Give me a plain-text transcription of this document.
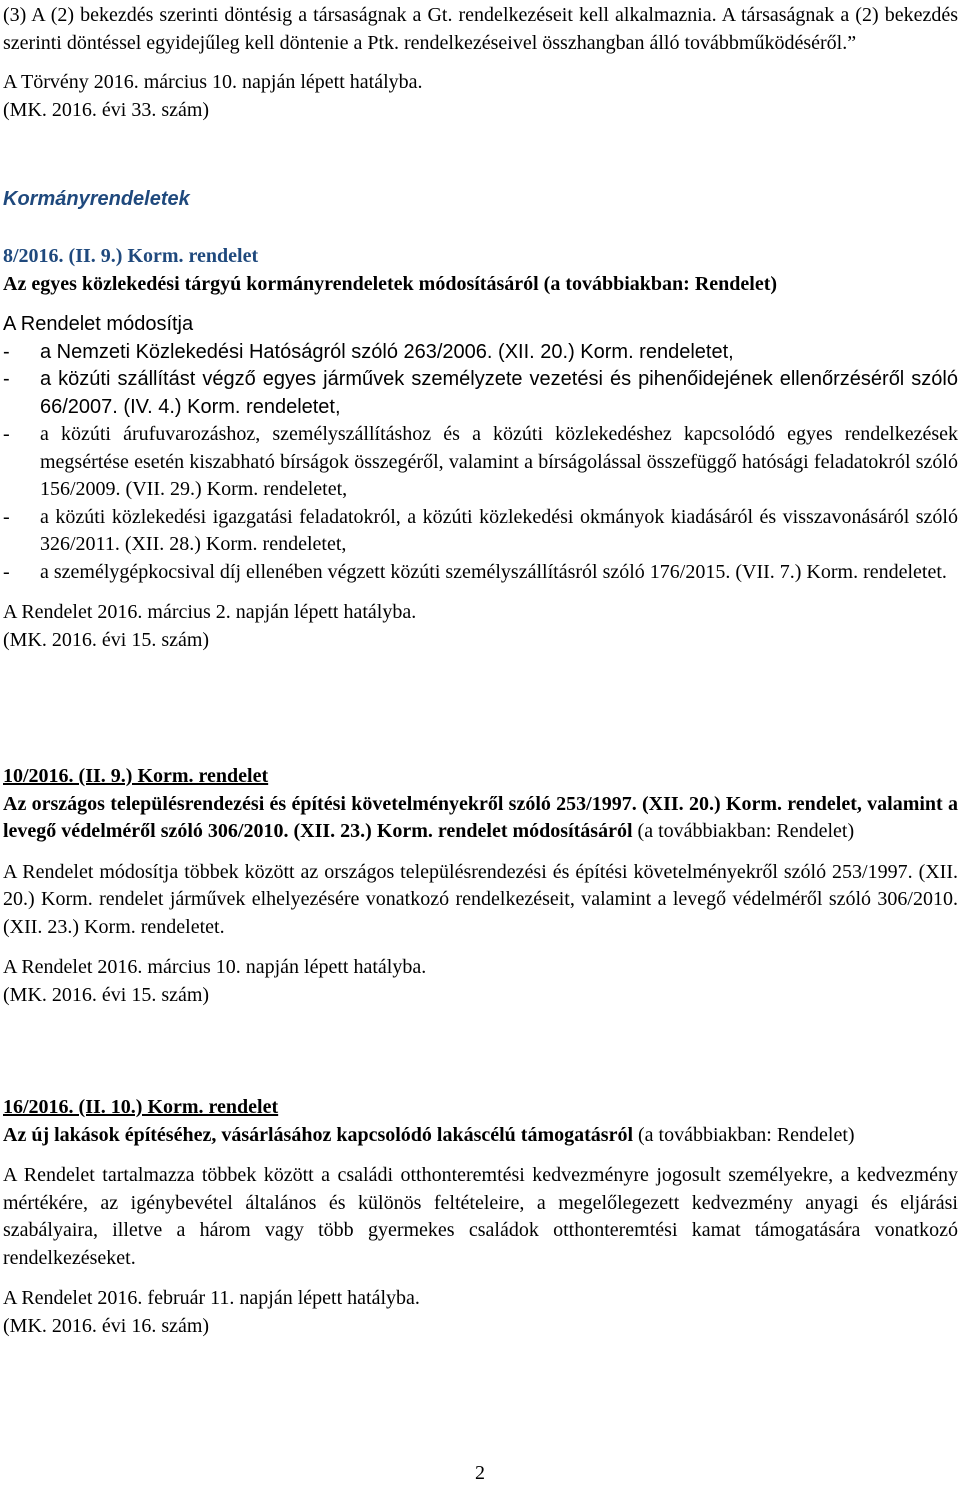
(3) A (2) bekezdés szerinti döntésig a társaságnak a Gt. rendelkezéseit kell alkalmaznia. A társaságnak a (2) bekezdés szerinti döntéssel egyidejűleg kell döntenie a Ptk. rendelkezéseivel összhangban álló továbbműködéséről.”

A Törvény 2016. március 10. napján lépett hatályba.

(MK. 2016. évi 33. szám)

Kormányrendeletek

8/2016. (II. 9.) Korm. rendelet

Az egyes közlekedési tárgyú kormányrendeletek módosításáról (a továbbiakban: Rendelet)

A Rendelet módosítja

- a Nemzeti Közlekedési Hatóságról szóló 263/2006. (XII. 20.) Korm. rendeletet,
- a közúti szállítást végző egyes járművek személyzete vezetési és pihenőidejének ellenőrzéséről szóló 66/2007. (IV. 4.) Korm. rendeletet,
- a közúti árufuvarozáshoz, személyszállításhoz és a közúti közlekedéshez kapcsolódó egyes rendelkezések megsértése esetén kiszabható bírságok összegéről, valamint a bírságolással összefüggő hatósági feladatokról szóló 156/2009. (VII. 29.) Korm. rendeletet,
- a közúti közlekedési igazgatási feladatokról, a közúti közlekedési okmányok kiadásáról és visszavonásáról szóló 326/2011. (XII. 28.) Korm. rendeletet,
- a személygépkocsival díj ellenében végzett közúti személyszállításról szóló 176/2015. (VII. 7.) Korm. rendeletet.

A Rendelet 2016. március 2. napján lépett hatályba.

(MK. 2016. évi 15. szám)

10/2016. (II. 9.) Korm. rendelet

Az országos településrendezési és építési követelményekről szóló 253/1997. (XII. 20.) Korm. rendelet, valamint a levegő védelméről szóló 306/2010. (XII. 23.) Korm. rendelet módosításáról (a továbbiakban: Rendelet)

A Rendelet módosítja többek között az országos településrendezési és építési követelményekről szóló 253/1997. (XII. 20.) Korm. rendelet járművek elhelyezésére vonatkozó rendelkezéseit, valamint a levegő védelméről szóló 306/2010. (XII. 23.) Korm. rendeletet.

A Rendelet 2016. március 10. napján lépett hatályba.

(MK. 2016. évi 15. szám)

16/2016. (II. 10.) Korm. rendelet

Az új lakások építéséhez, vásárlásához kapcsolódó lakáscélú támogatásról (a továbbiakban: Rendelet)

A Rendelet tartalmazza többek között a családi otthonteremtési kedvezményre jogosult személyekre, a kedvezmény mértékére, az igénybevétel általános és különös feltételeire, a megelőlegezett kedvezmény anyagi és eljárási szabályaira, illetve a három vagy több gyermekes családok otthonteremtési kamat támogatására vonatkozó rendelkezéseket.

A Rendelet 2016. február 11. napján lépett hatályba.

(MK. 2016. évi 16. szám)

2
